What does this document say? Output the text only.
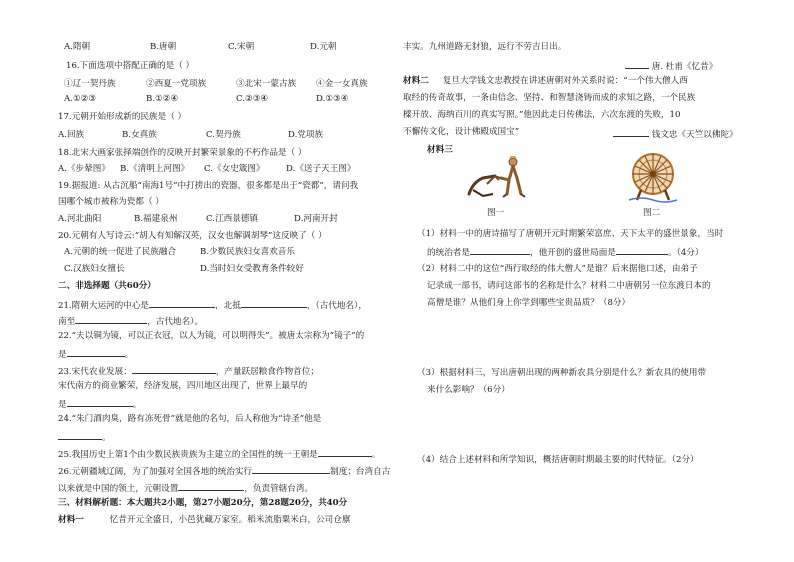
A.隋朝	B.唐朝	C.宋朝	D.元朝
16.下面选项中搭配正确的是（ ）
①辽一契丹族	②西夏一党项族	③北宋一蒙古族 ④金一女真族
A.①②③	B.①②④	C.②③④	D.①③④
17.元朝开始形成新的民族是（ ）
A.回族	B.女真族	C.契丹族	D.党项族
18.北宋大画家张择端创作的反映开封繁荣景象的不朽作品是（ ）
A.《步辇图》 B.《清明上河图》 C.《女史箴图》 D.《送子天王图》
19.据报道: 从古沉船“南海1号”中打捞出的瓷器，很多都是出于“瓷都”，请问我
国哪个城市被称为瓷都（ ）
A.河北曲阳	B.福建泉州	C.江西景德镇	D.河南开封
20.元朝有人写诗云:“胡人有知解汉英，汉女也解调胡琴”这反映了（ ）
A.元朝的统一促进了民族融合	B.少数民族妇女喜欢音乐
C.汉族妇女擅长	D.当时妇女受教育条件较好
二、非选择题（共60分）
21.隋朝大运河的中心是	，北抵	，（古代地名），
南至	，古代地名）。
22.“夫以铜为镜，可以正衣冠，以人为镜，可以明得失”。被唐太宗称为“镜子”的
是	。
23.宋代农业发展：	，产量跃居粮食作物首位；
宋代南方的商业繁荣，经济发展，四川地区出现了，世界上最早的
是	。
24.“朱门酒肉臭，路有冻死骨”就是他的名句，后人称他为“诗圣”他是
。
25.我国历史上第1个由少数民族贵族为主建立的全国性的统一王朝是	。
26.元朝疆域辽阔，为了加强对全国各地的统治实行	制度；台湾自古
以来就是中国的领土，元朝设置	，负责管辖台湾。
三、材料解析题：本大题共2小题，第27小题20分，第28题20分，共40分
材料一	忆昔开元全盛日，小邑犹藏万家室。稻米流脂粟米白，公司仓廪
丰实。九州道路无豺狼，远行不劳吉日出。
唐. 杜甫《忆昔》
材料二 复旦大学钱文忠教授在讲述唐朝对外关系时说：“一个伟大僧人西
取经的传奇故事，一条由信念、坚持、和智慧浇铸而成的求知之路，一个民族
樑开放、海纳百川的真实写照。”他因此走日传佛法，六次东渡的失败，10
不懈传文化，设计佛殿成国宝”	钱文忠《天竺以佛陀》
材料三
图一	图二
（1）材料一中的唐诗描写了唐朝开元时期繁荣富庶、天下太平的盛世景象，当时
的统治者是	，他开创的盛世局面是	。（4分）
（2）材料二中的这位“西行取经的伟大僧人”是谁？后来据他口述，由弟子
记录成一部书，请问这部书的名称是什么？材料二中唐朝另一位东渡日本的
高僧是谁？从他们身上你学到哪些宝贵品质？（8分）
（3）根据材料三，写出唐朝出现的两种新农具分别是什么？新农具的使用带
来什么影响？（6分）
（4）结合上述材料和所学知识，概括唐朝时期最主要的时代特征。（2分）
